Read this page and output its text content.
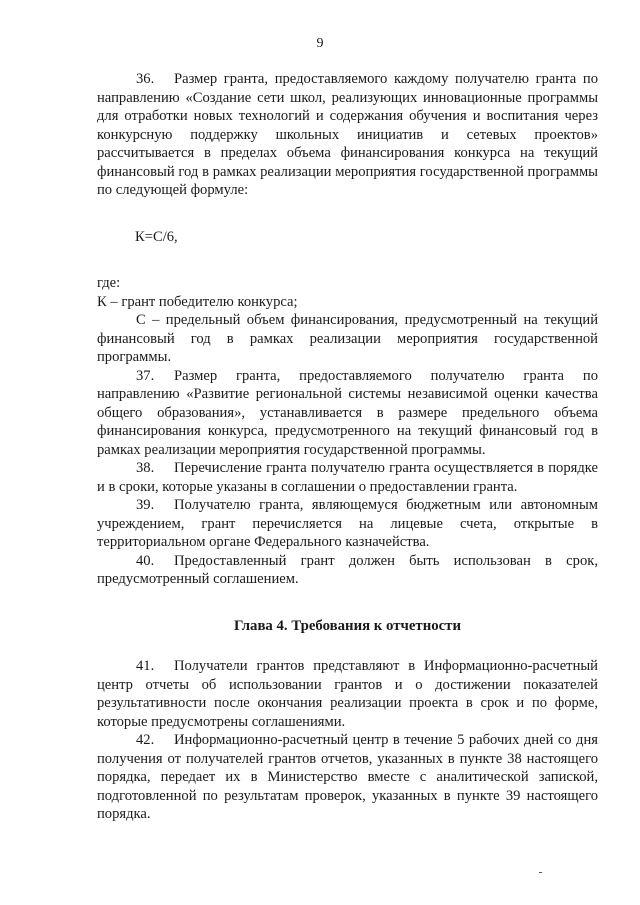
9

36. Размер гранта, предоставляемого каждому получателю гранта по направлению «Создание сети школ, реализующих инновационные программы для отработки новых технологий и содержания обучения и воспитания через конкурсную поддержку школьных инициатив и сетевых проектов» рассчитывается в пределах объема финансирования конкурса на текущий финансовый год в рамках реализации мероприятия государственной программы по следующей формуле:

К=С/6,

где:

К – грант победителю конкурса;

С – предельный объем финансирования, предусмотренный на текущий финансовый год в рамках реализации мероприятия государственной программы.

37. Размер гранта, предоставляемого получателю гранта по направлению «Развитие региональной системы независимой оценки качества общего образования», устанавливается в размере предельного объема финансирования конкурса, предусмотренного на текущий финансовый год в рамках реализации мероприятия государственной программы.

38. Перечисление гранта получателю гранта осуществляется в порядке и в сроки, которые указаны в соглашении о предоставлении гранта.

39. Получателю гранта, являющемуся бюджетным или автономным учреждением, грант перечисляется на лицевые счета, открытые в территориальном органе Федерального казначейства.

40. Предоставленный грант должен быть использован в срок, предусмотренный соглашением.

Глава 4. Требования к отчетности

41. Получатели грантов представляют в Информационно-расчетный центр отчеты об использовании грантов и о достижении показателей результативности после окончания реализации проекта в срок и по форме, которые предусмотрены соглашениями.

42. Информационно-расчетный центр в течение 5 рабочих дней со дня получения от получателей грантов отчетов, указанных в пункте 38 настоящего порядка, передает их в Министерство вместе с аналитической запиской, подготовленной по результатам проверок, указанных в пункте 39 настоящего порядка.
